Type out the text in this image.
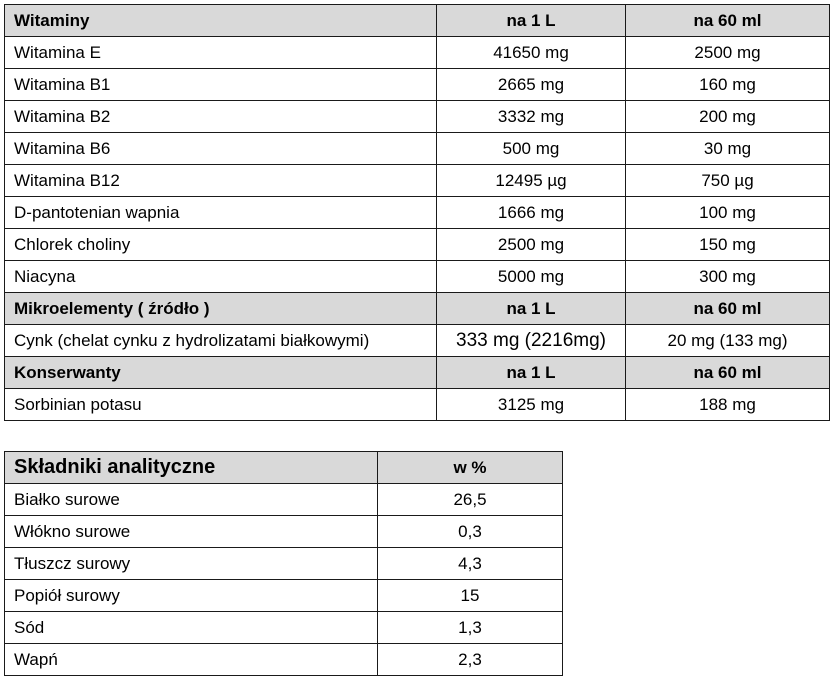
Witaminy	na 1 L	na 60 ml
Witamina E	41650 mg	2500 mg
Witamina B1	2665 mg	160 mg
Witamina B2	3332 mg	200 mg
Witamina B6	500 mg	30 mg
Witamina B12	12495 µg	750 µg
D-pantotenian wapnia	1666 mg	100 mg
Chlorek choliny	2500 mg	150 mg
Niacyna	5000 mg	300 mg
Mikroelementy ( źródło )	na 1 L	na 60 ml
Cynk (chelat cynku z hydrolizatami białkowymi)	333 mg (2216mg)	20 mg (133 mg)
Konserwanty	na 1 L	na 60 ml
Sorbinian potasu	3125 mg	188 mg
Składniki analityczne	w %
Białko surowe	26,5
Włókno surowe	0,3
Tłuszcz surowy	4,3
Popiół surowy	15
Sód	1,3
Wapń	2,3
